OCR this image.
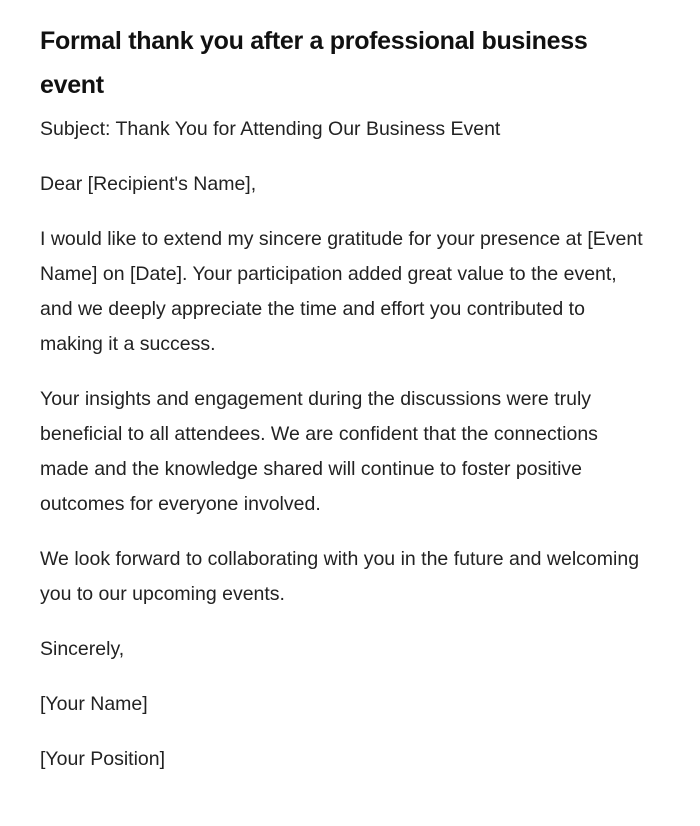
Formal thank you after a professional business event

Subject: Thank You for Attending Our Business Event

Dear [Recipient's Name],

I would like to extend my sincere gratitude for your presence at [Event Name] on [Date]. Your participation added great value to the event, and we deeply appreciate the time and effort you contributed to making it a success.

Your insights and engagement during the discussions were truly beneficial to all attendees. We are confident that the connections made and the knowledge shared will continue to foster positive outcomes for everyone involved.

We look forward to collaborating with you in the future and welcoming you to our upcoming events.

Sincerely,

[Your Name]

[Your Position]
